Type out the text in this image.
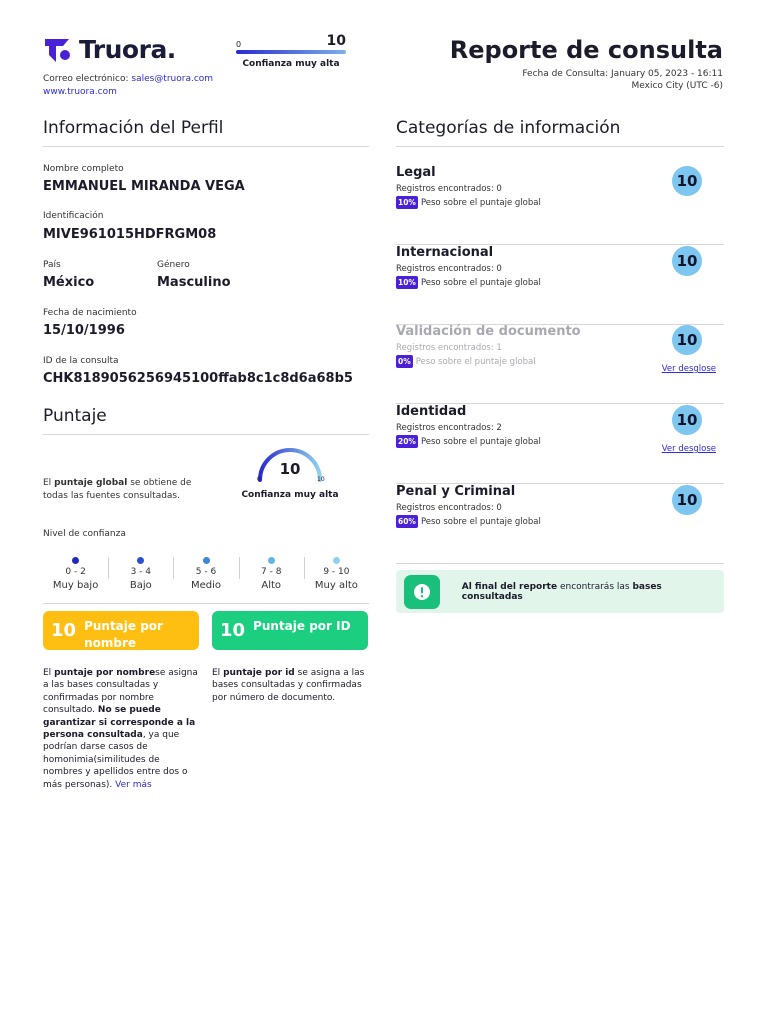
Truora.
Correo electrónico: sales@truora.com
www.truora.com
0	10
Confianza muy alta	Reporte de consulta
Fecha de Consulta: January 05, 2023 - 16:11
Mexico City (UTC -6)
Información del Perfil
Nombre completo
EMMANUEL MIRANDA VEGA
Identificación
MIVE961015HDFRGM08
País
México
Género
Masculino
Fecha de nacimiento
15/10/1996
ID de la consulta
CHK8189056256945100ffab8c1c8d6a68b5
Puntaje
El puntaje global se obtiene de todas las fuentes consultadas.
10
0	10
Confianza muy alta
Nivel de confianza
0 - 2
Muy bajo
3 - 4
Bajo
5 - 6
Medio
7 - 8
Alto
9 - 10
Muy alto
10 Puntaje por nombre
10 Puntaje por ID
El puntaje por nombrese asigna a las bases consultadas y confirmadas por nombre consultado. No se puede garantizar si corresponde a la persona consultada, ya que podrían darse casos de homonimia(similitudes de nombres y apellidos entre dos o más personas). Ver más
El puntaje por id se asigna a las bases consultadas y confirmadas por número de documento.
Categorías de información
Legal
Registros encontrados: 0
10% Peso sobre el puntaje global
10
Internacional
Registros encontrados: 0
10% Peso sobre el puntaje global
10
Validación de documento
Registros encontrados: 1
0% Peso sobre el puntaje global
10
Ver desglose
Identidad
Registros encontrados: 2
20% Peso sobre el puntaje global
10
Ver desglose
Penal y Criminal
Registros encontrados: 0
60% Peso sobre el puntaje global
10
Al final del reporte encontrarás las bases consultadas
